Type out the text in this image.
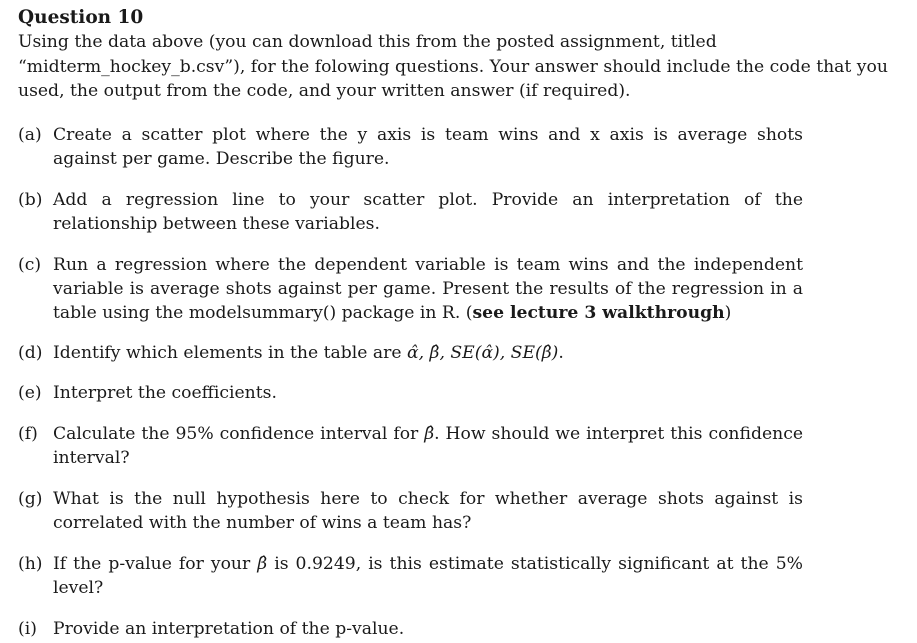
Question 10

Using the data above (you can download this from the posted assignment, titled “midterm_hockey_b.csv”), for the folowing questions. Your answer should include the code that you used, the output from the code, and your written answer (if required).

(a) Create a scatter plot where the y axis is team wins and x axis is average shots against per game. Describe the figure.
(b) Add a regression line to your scatter plot. Provide an interpretation of the relationship between these variables.
(c) Run a regression where the dependent variable is team wins and the independent variable is average shots against per game. Present the results of the regression in a table using the modelsummary() package in R. (see lecture 3 walkthrough)
(d) Identify which elements in the table are α̂, β̂, SE(α̂), SE(β̂).
(e) Interpret the coefficients.
(f) Calculate the 95% confidence interval for β̂. How should we interpret this confidence interval?
(g) What is the null hypothesis here to check for whether average shots against is correlated with the number of wins a team has?
(h) If the p-value for your β̂ is 0.9249, is this estimate statistically significant at the 5% level?
(i) Provide an interpretation of the p-value.
